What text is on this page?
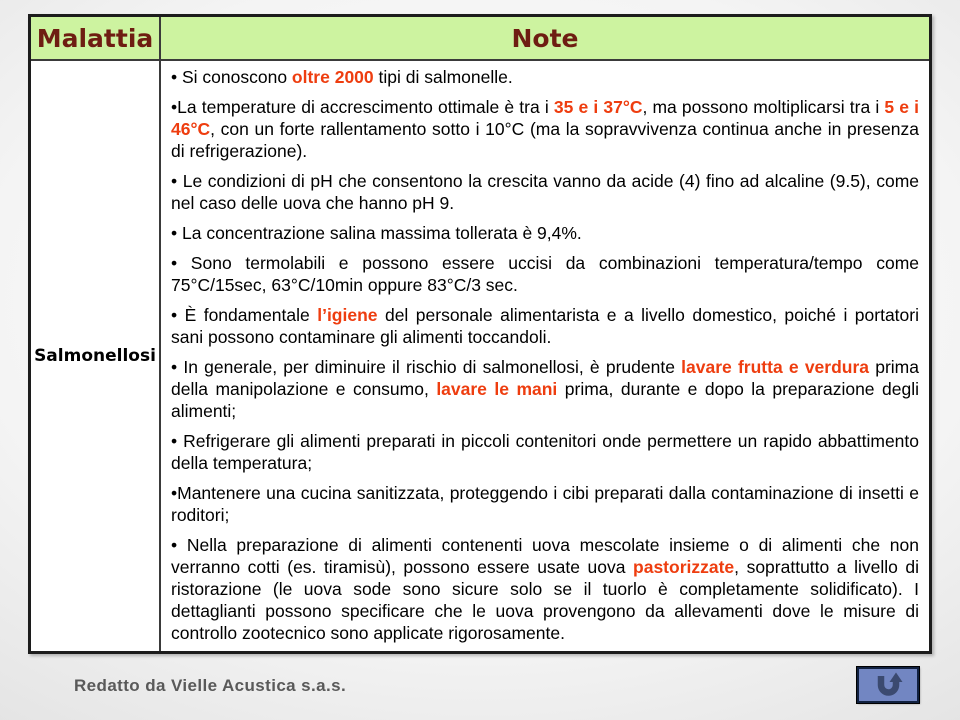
Malattia	Note
Salmonellosi
• Si conoscono oltre 2000 tipi di salmonelle.
•La temperature di accrescimento ottimale è tra i 35 e i 37°C, ma possono moltiplicarsi tra i 5 e i 46°C, con un forte rallentamento sotto i 10°C (ma la sopravvivenza continua anche in presenza di refrigerazione).
• Le condizioni di pH che consentono la crescita vanno da acide (4) fino ad alcaline (9.5), come nel caso delle uova che hanno pH 9.
• La concentrazione salina massima tollerata è 9,4%.
• Sono termolabili e possono essere uccisi da combinazioni temperatura/tempo come 75°C/15sec, 63°C/10min oppure 83°C/3 sec.
• È fondamentale l’igiene del personale alimentarista e a livello domestico, poiché i portatori sani possono contaminare gli alimenti toccandoli.
• In generale, per diminuire il rischio di salmonellosi, è prudente lavare frutta e verdura prima della manipolazione e consumo, lavare le mani prima, durante e dopo la preparazione degli alimenti;
• Refrigerare gli alimenti preparati in piccoli contenitori onde permettere un rapido abbattimento della temperatura;
•Mantenere una cucina sanitizzata, proteggendo i cibi preparati dalla contaminazione di insetti e roditori;
• Nella preparazione di alimenti contenenti uova mescolate insieme o di alimenti che non verranno cotti (es. tiramisù), possono essere usate uova pastorizzate, soprattutto a livello di ristorazione (le uova sode sono sicure solo se il tuorlo è completamente solidificato). I dettaglianti possono specificare che le uova provengono da allevamenti dove le misure di controllo zootecnico sono applicate rigorosamente.
Redatto da Vielle Acustica s.a.s.
